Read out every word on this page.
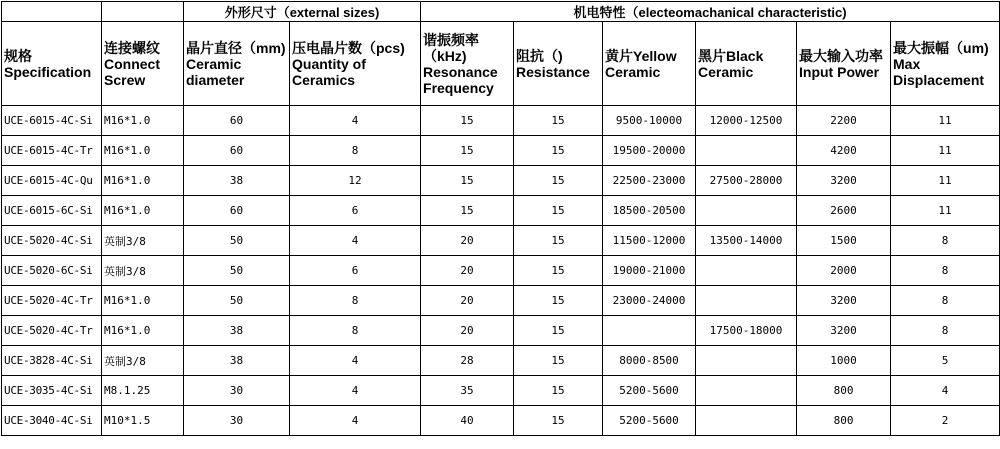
		外形尺寸（external sizes)		机电特性（electeomachanical characteristic)					
规格 Specification	连接螺纹 Connect Screw	晶片直径（mm) Ceramic diameter	压电晶片数（pcs) Quantity of Ceramics	谐振频率（kHz) Resonance Frequency	阻抗（) Resistance	黄片Yellow Ceramic	黑片Black Ceramic	最大输入功率 Input Power	最大振幅（um) Max Displacement
UCE-6015-4C-Si	M16*1.0	60	4	15	15	9500-10000	12000-12500	2200	11
UCE-6015-4C-Tr	M16*1.0	60	8	15	15	19500-20000		4200	11
UCE-6015-4C-Qu	M16*1.0	38	12	15	15	22500-23000	27500-28000	3200	11
UCE-6015-6C-Si	M16*1.0	60	6	15	15	18500-20500		2600	11
UCE-5020-4C-Si	英制3/8	50	4	20	15	11500-12000	13500-14000	1500	8
UCE-5020-6C-Si	英制3/8	50	6	20	15	19000-21000		2000	8
UCE-5020-4C-Tr	M16*1.0	50	8	20	15	23000-24000		3200	8
UCE-5020-4C-Tr	M16*1.0	38	8	20	15		17500-18000	3200	8
UCE-3828-4C-Si	英制3/8	38	4	28	15	8000-8500		1000	5
UCE-3035-4C-Si	M8.1.25	30	4	35	15	5200-5600		800	4
UCE-3040-4C-Si	M10*1.5	30	4	40	15	5200-5600		800	2
